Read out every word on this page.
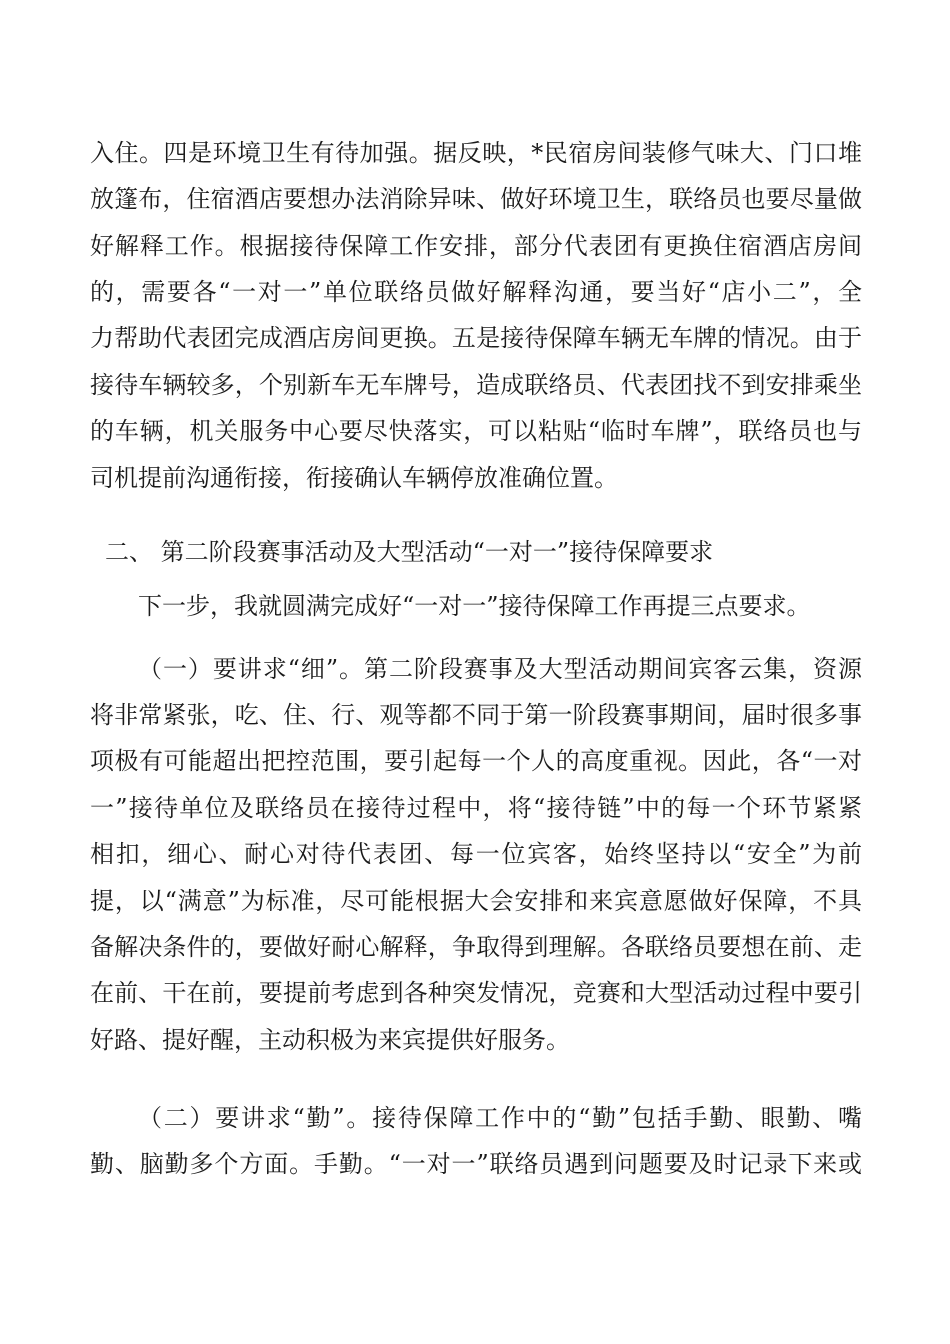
入住。四是环境卫生有待加强。据反映，*民宿房间装修气味大、门口堆
放篷布，住宿酒店要想办法消除异味、做好环境卫生，联络员也要尽量做
好解释工作。根据接待保障工作安排，部分代表团有更换住宿酒店房间
的，需要各“一对一”单位联络员做好解释沟通，要当好“店小二”，全
力帮助代表团完成酒店房间更换。五是接待保障车辆无车牌的情况。由于
接待车辆较多，个别新车无车牌号，造成联络员、代表团找不到安排乘坐
的车辆，机关服务中心要尽快落实，可以粘贴“临时车牌”，联络员也与
司机提前沟通衔接，衔接确认车辆停放准确位置。
二、 第二阶段赛事活动及大型活动“一对一”接待保障要求
下一步，我就圆满完成好“一对一”接待保障工作再提三点要求。
（一）要讲求“细”。第二阶段赛事及大型活动期间宾客云集，资源
将非常紧张，吃、住、行、观等都不同于第一阶段赛事期间，届时很多事
项极有可能超出把控范围，要引起每一个人的高度重视。因此，各“一对
一”接待单位及联络员在接待过程中，将“接待链”中的每一个环节紧紧
相扣，细心、耐心对待代表团、每一位宾客，始终坚持以“安全”为前
提，以“满意”为标准，尽可能根据大会安排和来宾意愿做好保障，不具
备解决条件的，要做好耐心解释，争取得到理解。各联络员要想在前、走
在前、干在前，要提前考虑到各种突发情况，竞赛和大型活动过程中要引
好路、提好醒，主动积极为来宾提供好服务。
（二）要讲求“勤”。接待保障工作中的“勤”包括手勤、眼勤、嘴
勤、脑勤多个方面。手勤。“一对一”联络员遇到问题要及时记录下来或
